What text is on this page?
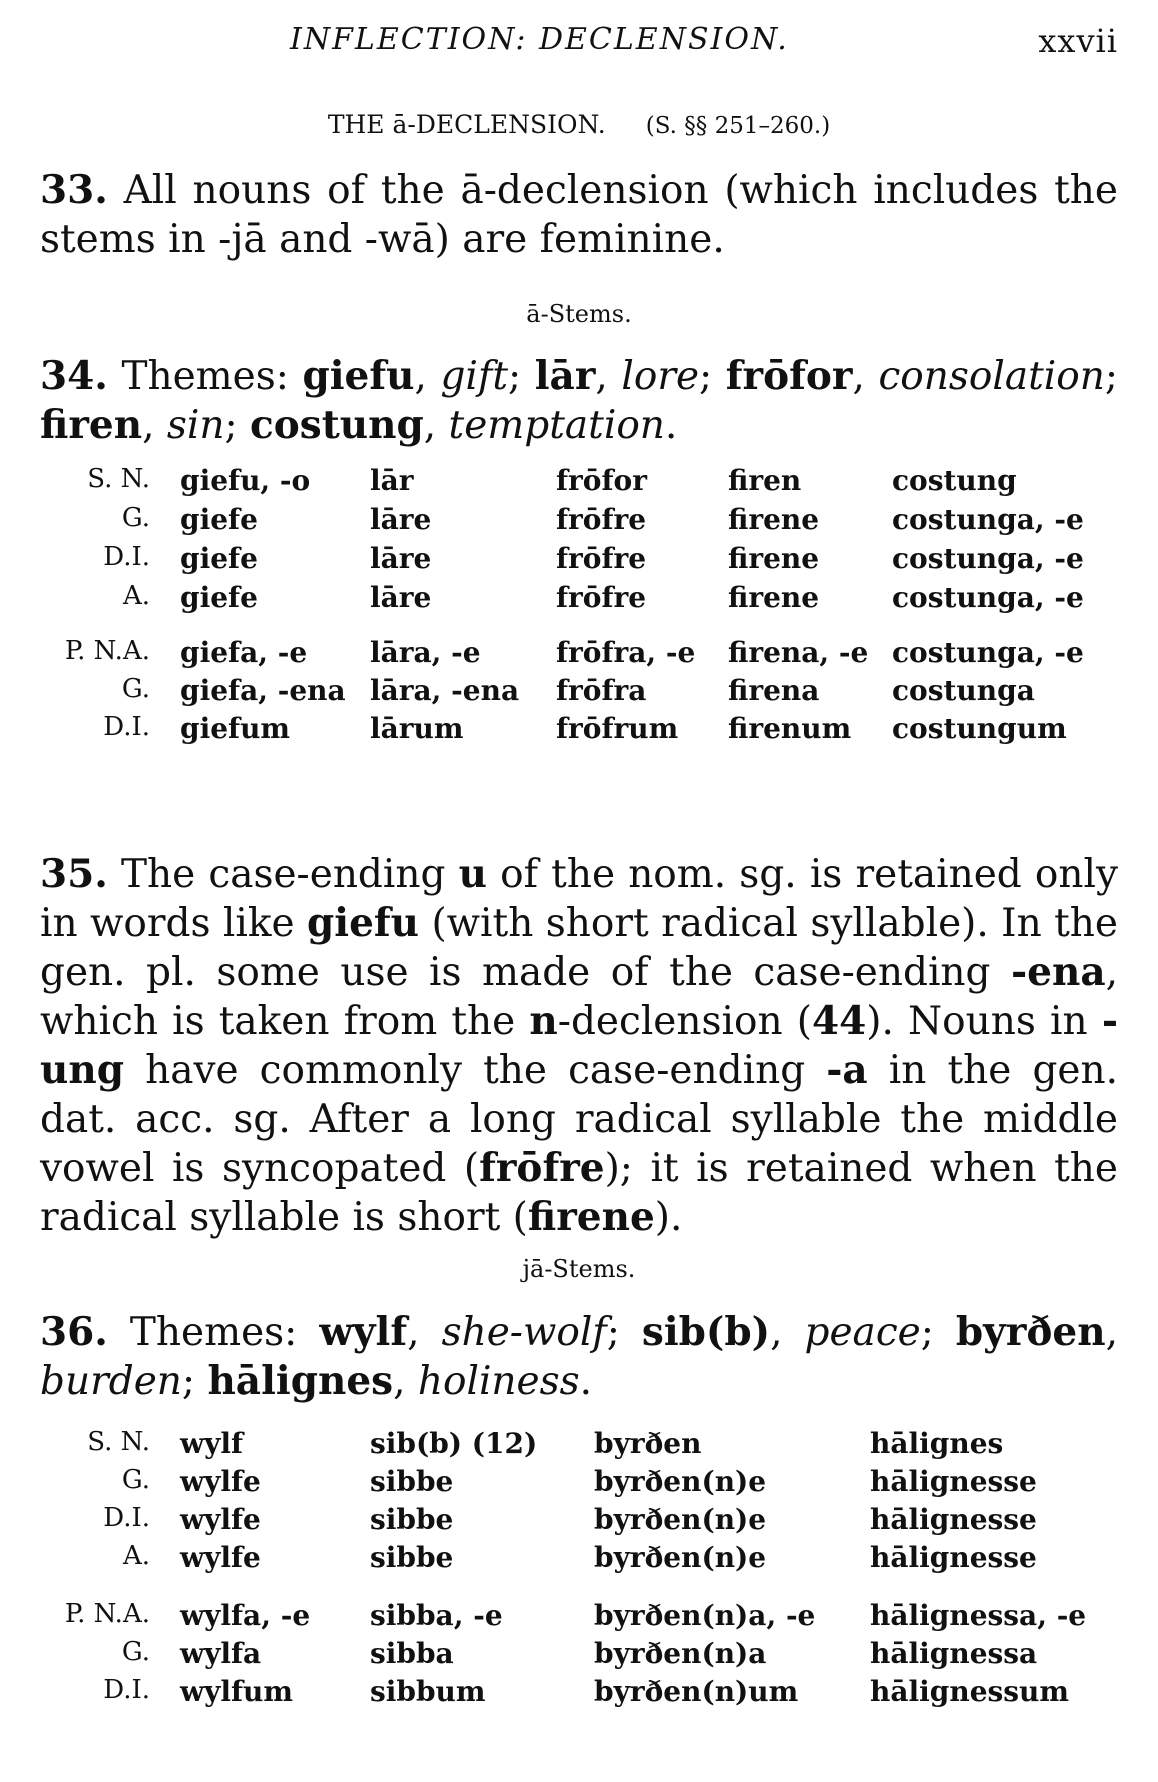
INFLECTION: DECLENSION.	xxvii
THE ā-DECLENSION. (S. §§ 251–260.)
33. All nouns of the ā-declension (which includes the stems in -jā and -wā) are feminine.
ā-Stems.
34. Themes: giefu, gift; lār, lore; frōfor, consolation; firen, sin; costung, temptation.
S. N. giefu, -o lār	frōfor	firen	costung
G. giefe	lāre	frōfre	firene	costunga, -e
D.I. giefe	lāre	frōfre	firene	costunga, -e
A. giefe	lāre	frōfre	firene	costunga, -e
P. N.A. giefa, -e lāra, -e	frōfra, -e firena, -e costunga, -e
G. giefa, -ena lāra, -ena frōfra	firena	costunga
D.I. giefum	lārum	frōfrum firenum costungum
35. The case-ending u of the nom. sg. is retained only in words like giefu (with short radical syllable). In the gen. pl. some use is made of the case-ending -ena, which is taken from the n-declension (44). Nouns in -ung have commonly the case-ending -a in the gen. dat. acc. sg. After a long radical syllable the middle vowel is syncopated (frōfre); it is retained when the radical syllable is short (firene).
jā-Stems.
36. Themes: wylf, she-wolf; sib(b), peace; byrðen, burden; hālignes, holiness.
S. N. wylf	sib(b) (12) byrðen	hālignes
G. wylfe	sibbe	byrðen(n)e	hālignesse
D.I. wylfe	sibbe	byrðen(n)e	hālignesse
A. wylfe	sibbe	byrðen(n)e	hālignesse
P. N.A. wylfa, -e sibba, -e	byrðen(n)a, -e hālignessa, -e
G. wylfa	sibba	byrðen(n)a	hālignessa
D.I. wylfum	sibbum	byrðen(n)um	hālignessum
